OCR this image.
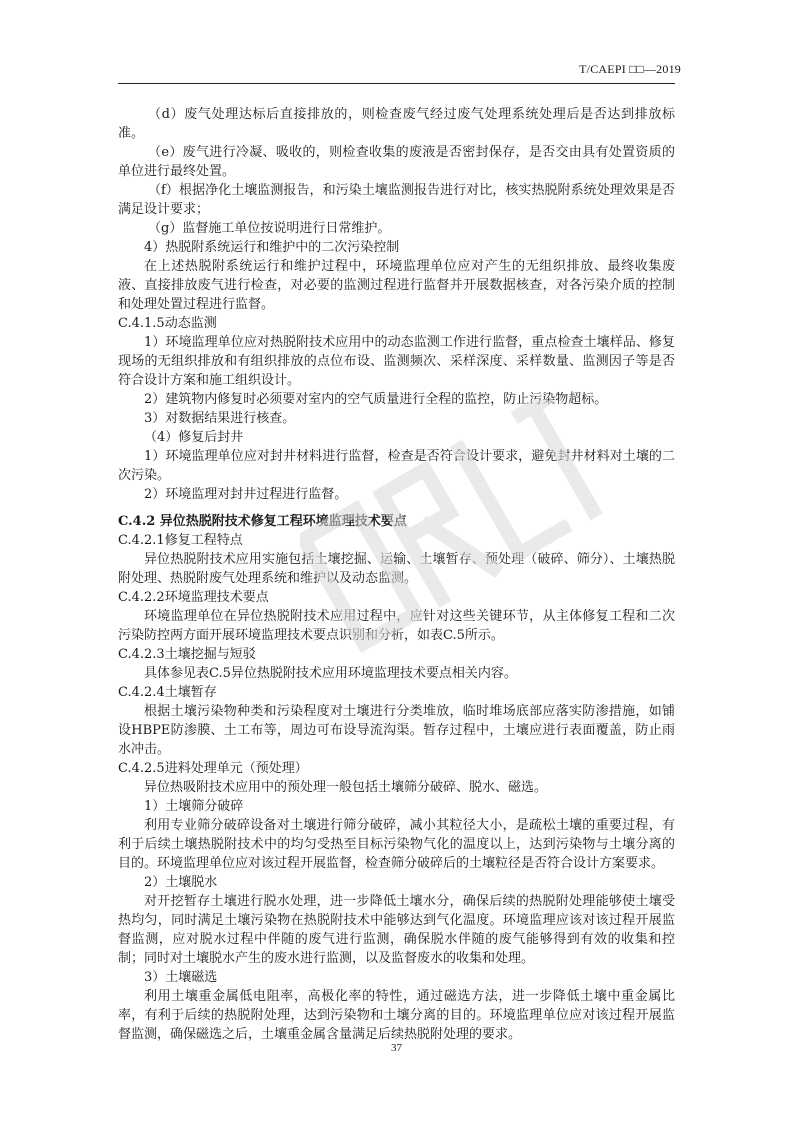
T/CAEPI □□—2019

（d）废气处理达标后直接排放的，则检查废气经过废气处理系统处理后是否达到排放标准。

（e）废气进行冷凝、吸收的，则检查收集的废液是否密封保存，是否交由具有处置资质的单位进行最终处置。

（f）根据净化土壤监测报告，和污染土壤监测报告进行对比，核实热脱附系统处理效果是否满足设计要求；

（g）监督施工单位按说明进行日常维护。

4）热脱附系统运行和维护中的二次污染控制

在上述热脱附系统运行和维护过程中，环境监理单位应对产生的无组织排放、最终收集废液、直接排放废气进行检查，对必要的监测过程进行监督并开展数据核查，对各污染介质的控制和处理处置过程进行监督。

C.4.1.5动态监测

1）环境监理单位应对热脱附技术应用中的动态监测工作进行监督，重点检查土壤样品、修复现场的无组织排放和有组织排放的点位布设、监测频次、采样深度、采样数量、监测因子等是否符合设计方案和施工组织设计。

2）建筑物内修复时必须要对室内的空气质量进行全程的监控，防止污染物超标。

3）对数据结果进行核查。

（4）修复后封井

1）环境监理单位应对封井材料进行监督，检查是否符合设计要求，避免封井材料对土壤的二次污染。

2）环境监理对封井过程进行监督。

C.4.2 异位热脱附技术修复工程环境监理技术要点

C.4.2.1修复工程特点

异位热脱附技术应用实施包括土壤挖掘、运输、土壤暂存、预处理（破碎、筛分）、土壤热脱附处理、热脱附废气处理系统和维护以及动态监测。

C.4.2.2环境监理技术要点

环境监理单位在异位热脱附技术应用过程中，应针对这些关键环节，从主体修复工程和二次污染防控两方面开展环境监理技术要点识别和分析，如表C.5所示。

C.4.2.3土壤挖掘与短驳

具体参见表C.5异位热脱附技术应用环境监理技术要点相关内容。

C.4.2.4土壤暂存

根据土壤污染物种类和污染程度对土壤进行分类堆放，临时堆场底部应落实防渗措施，如铺设HBPE防渗膜、土工布等，周边可布设导流沟渠。暂存过程中，土壤应进行表面覆盖，防止雨水冲击。

C.4.2.5进料处理单元（预处理）

异位热吸附技术应用中的预处理一般包括土壤筛分破碎、脱水、磁选。

1）土壤筛分破碎

利用专业筛分破碎设备对土壤进行筛分破碎，减小其粒径大小，是疏松土壤的重要过程，有利于后续土壤热脱附技术中的均匀受热至目标污染物气化的温度以上，达到污染物与土壤分离的目的。环境监理单位应对该过程开展监督，检查筛分破碎后的土壤粒径是否符合设计方案要求。

2）土壤脱水

对开挖暂存土壤进行脱水处理，进一步降低土壤水分，确保后续的热脱附处理能够使土壤受热均匀，同时满足土壤污染物在热脱附技术中能够达到气化温度。环境监理应该对该过程开展监督监测，应对脱水过程中伴随的废气进行监测，确保脱水伴随的废气能够得到有效的收集和控制；同时对土壤脱水产生的废水进行监测，以及监督废水的收集和处理。

3）土壤磁选

利用土壤重金属低电阻率，高极化率的特性，通过磁选方法，进一步降低土壤中重金属比率，有利于后续的热脱附处理，达到污染物和土壤分离的目的。环境监理单位应对该过程开展监督监测，确保磁选之后，土壤重金属含量满足后续热脱附处理的要求。

37
